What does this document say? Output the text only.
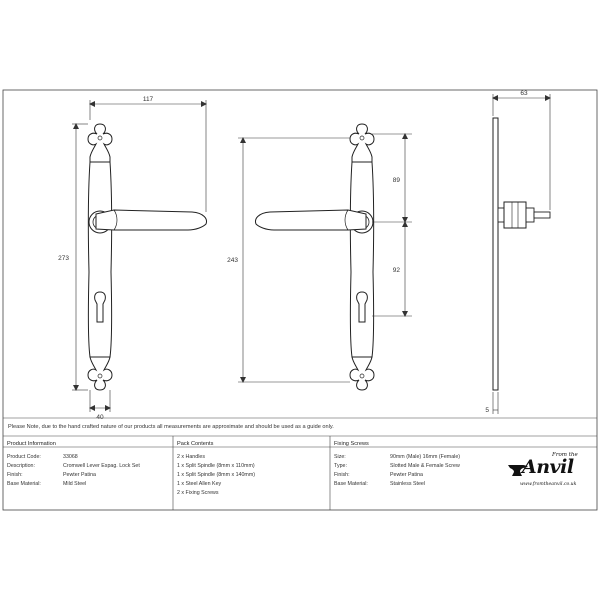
117
273
40
243
89
92
63
5
Please Note, due to the hand crafted nature of our products all measurements are approximate and should be used as a guide only.
Product Information
Product Code:	33068
Description:	Cromwell Lever Espag. Lock Set
Finish:	Pewter Patina
Base Material:	Mild Steel
Pack Contents
2 x Handles
1 x Split Spindle (8mm x 110mm)
1 x Split Spindle (8mm x 140mm)
1 x Steel Allen Key
2 x Fixing Screws
Fixing Screws
Size:	90mm (Male) 16mm (Female)
Type:	Slotted Male & Female Screw
Finish:	Pewter Patina
Base Material:	Stainless Steel
From the
Anvil
www.fromtheanvil.co.uk
